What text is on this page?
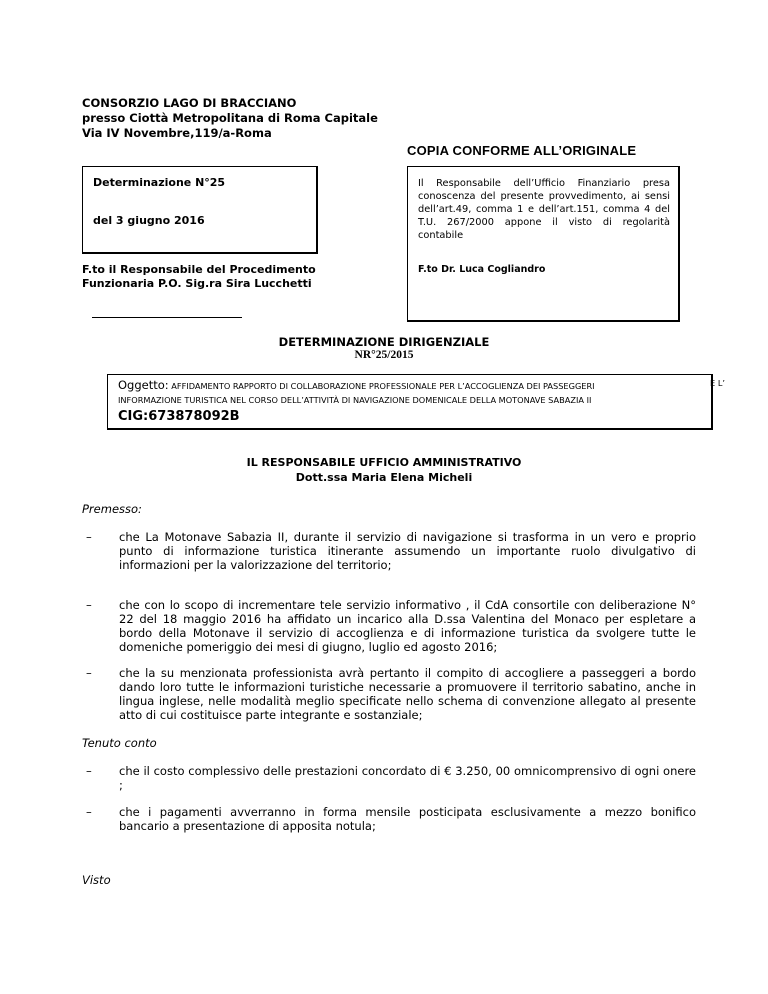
CONSORZIO LAGO DI BRACCIANO
presso Ciottà Metropolitana di Roma Capitale
Via IV Novembre,119/a-Roma
COPIA CONFORME ALL’ORIGINALE
Determinazione N°25
del 3 giugno 2016
Il Responsabile dell’Ufficio Finanziario presa conoscenza del presente provvedimento, ai sensi dell’art.49, comma 1 e dell’art.151, comma 4 del T.U. 267/2000 appone il visto di regolarità contabile
F.to Dr. Luca Cogliandro
F.to il Responsabile del Procedimento
Funzionaria P.O. Sig.ra Sira Lucchetti
DETERMINAZIONE DIRIGENZIALE
NR°25/2015
Oggetto: AFFIDAMENTO RAPPORTO DI COLLABORAZIONE PROFESSIONALE PER L’ACCOGLIENZA DEI PASSEGGERI	E L’
INFORMAZIONE TURISTICA NEL CORSO DELL’ATTIVITÀ DI NAVIGAZIONE DOMENICALE DELLA MOTONAVE SABAZIA II
CIG:673878092B
IL RESPONSABILE UFFICIO AMMINISTRATIVO
Dott.ssa Maria Elena Micheli
Premesso:
– che La Motonave Sabazia II, durante il servizio di navigazione si trasforma in un vero e proprio punto di informazione turistica itinerante assumendo un importante ruolo divulgativo di informazioni per la valorizzazione del territorio;
– che con lo scopo di incrementare tele servizio informativo , il CdA consortile con deliberazione N° 22 del 18 maggio 2016 ha affidato un incarico alla D.ssa Valentina del Monaco per espletare a bordo della Motonave il servizio di accoglienza e di informazione turistica da svolgere tutte le domeniche pomeriggio dei mesi di giugno, luglio ed agosto 2016;
– che la su menzionata professionista avrà pertanto il compito di accogliere a passeggeri a bordo dando loro tutte le informazioni turistiche necessarie a promuovere il territorio sabatino, anche in lingua inglese, nelle modalità meglio specificate nello schema di convenzione allegato al presente atto di cui costituisce parte integrante e sostanziale;
Tenuto conto
– che il costo complessivo delle prestazioni concordato di € 3.250, 00 omnicomprensivo di ogni onere ;
– che i pagamenti avverranno in forma mensile posticipata esclusivamente a mezzo bonifico bancario a presentazione di apposita notula;
Visto
